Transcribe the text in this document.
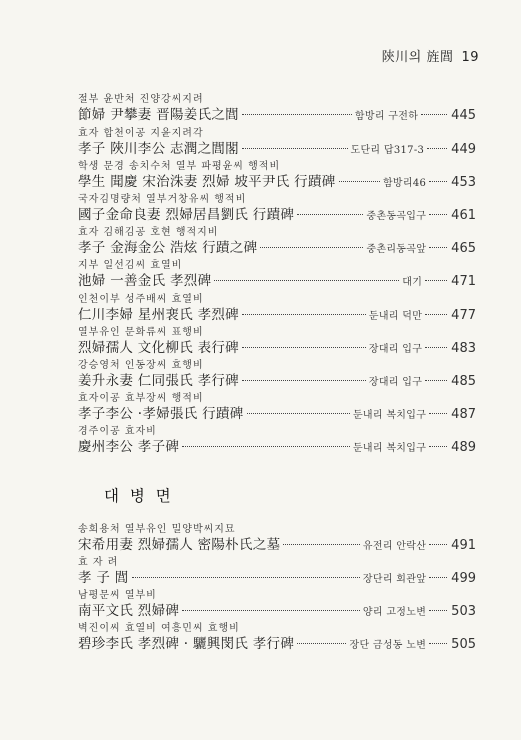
陝川의 旌閭 19
절부 윤반처 진양강씨지려
節婦 尹攀妻 晋陽姜氏之閭	함방리 구전하	445
효자 합천이공 지윤지려각
孝子 陜川李公 志潤之閭閣	도단리 답317-3 449
학생 문경 송치수처 열부 파평윤씨 행적비
學生 聞慶 宋治洙妻 烈婦 坡平尹氏 行蹟碑	함방리46 453
국자김명량처 열부거창유씨 행적비
國子金命良妻 烈婦居昌劉氏 行蹟碑	중촌동곡입구 461
효자 김해김공 호현 행적지비
孝子 金海金公 浩炫 行蹟之碑	중촌리동곡앞 465
지부 일선김씨 효열비
池婦 一善金氏 孝烈碑	대기 471
인천이부 성주배씨 효열비
仁川李婦 星州裵氏 孝烈碑	둔내리 덕만 477
열부유인 문화류씨 표행비
烈婦孺人 文化柳氏 表行碑	장대리 입구 483
강승영처 인동장씨 효행비
姜升永妻 仁同張氏 孝行碑	장대리 입구 485
효자이공 효부장씨 행적비
孝子李公 ·孝婦張氏 行蹟碑	둔내리 복치입구 487
경주이공 효자비
慶州李公 孝子碑	둔내리 복치입구 489
대 병 면
송희용처 열부유인 밀양박씨지묘
宋希用妻 烈婦孺人 密陽朴氏之墓	유전리 안락산 491
효 자 려
孝 子 閭	장단리 회관앞 499
남평문씨 열부비
南平文氏 烈婦碑	양리 고정노변 503
벽진이씨 효열비 여흥민씨 효행비
碧珍李氏 孝烈碑 · 驪興閔氏 孝行碑	장단 금성동 노변 505
